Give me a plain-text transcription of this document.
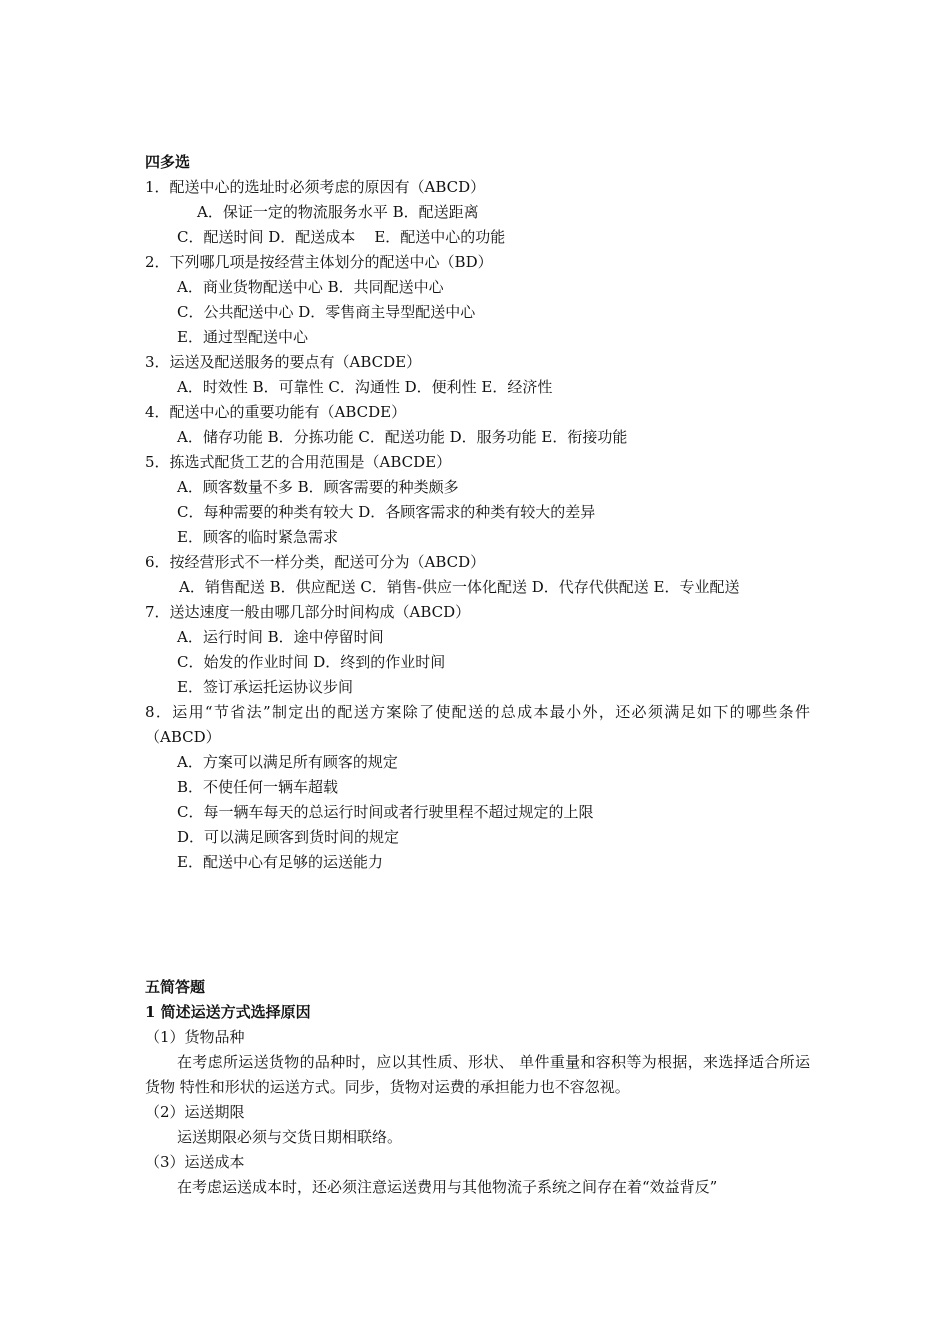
四多选
1．配送中心的选址时必须考虑的原因有（ABCD）
A．保证一定的物流服务水平 B．配送距离
C．配送时间 D．配送成本    E．配送中心的功能
2．下列哪几项是按经营主体划分的配送中心（BD）
A．商业货物配送中心 B．共同配送中心
C．公共配送中心 D．零售商主导型配送中心
E．通过型配送中心
3．运送及配送服务的要点有（ABCDE）
A．时效性 B．可靠性 C．沟通性 D．便利性 E．经济性
4．配送中心的重要功能有（ABCDE）
A．储存功能 B．分拣功能 C．配送功能 D．服务功能 E．衔接功能
5．拣选式配货工艺的合用范围是（ABCDE）
A．顾客数量不多 B．顾客需要的种类颇多
C．每种需要的种类有较大 D．各顾客需求的种类有较大的差异
E．顾客的临时紧急需求
6．按经营形式不一样分类，配送可分为（ABCD）
A．销售配送 B．供应配送 C．销售-供应一体化配送 D．代存代供配送 E．专业配送
7．送达速度一般由哪几部分时间构成（ABCD）
A．运行时间 B．途中停留时间
C．始发的作业时间 D．终到的作业时间
E．签订承运托运协议步间
8．运用“节省法”制定出的配送方案除了使配送的总成本最小外，还必须满足如下的哪些条件（ABCD）
A．方案可以满足所有顾客的规定
B．不使任何一辆车超载
C．每一辆车每天的总运行时间或者行驶里程不超过规定的上限
D．可以满足顾客到货时间的规定
E．配送中心有足够的运送能力
五简答题
1 简述运送方式选择原因
（1）货物品种
在考虑所运送货物的品种时，应以其性质、形状、 单件重量和容积等为根据，来选择适合所运货物 特性和形状的运送方式。同步，货物对运费的承担能力也不容忽视。
（2）运送期限
运送期限必须与交货日期相联络。
（3）运送成本
在考虑运送成本时，还必须注意运送费用与其他物流子系统之间存在着“效益背反”
